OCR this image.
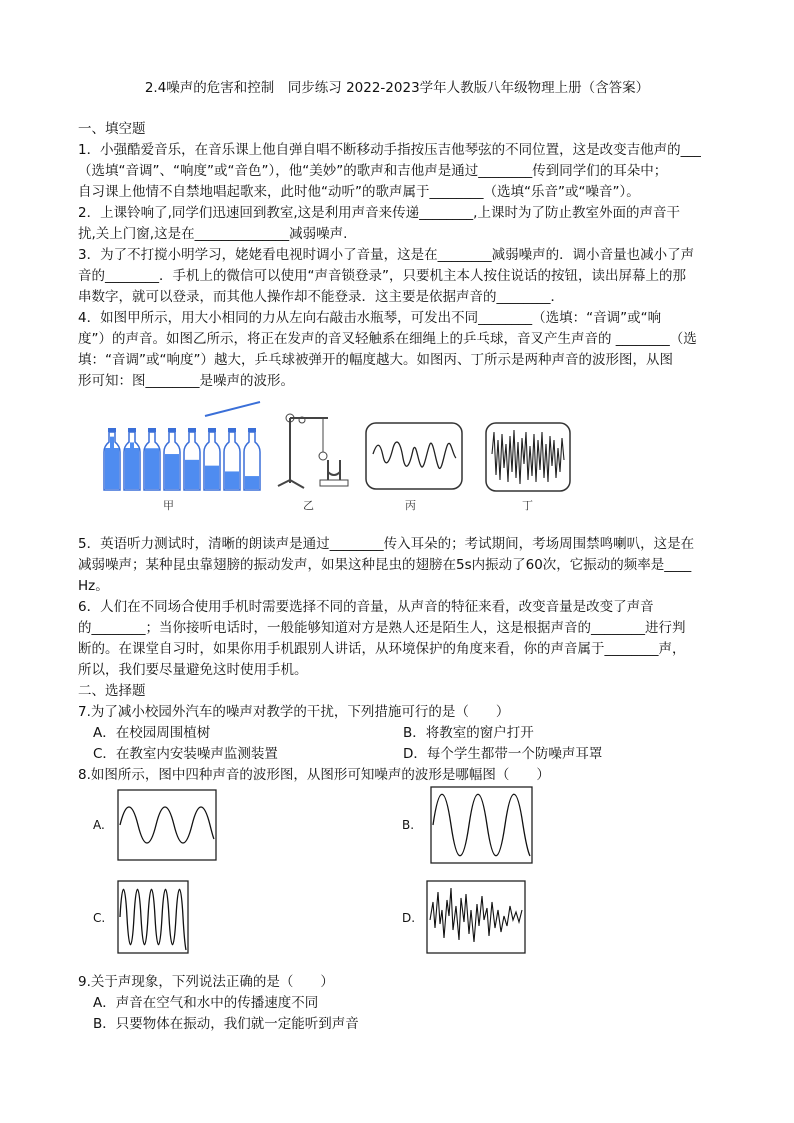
2.4噪声的危害和控制　同步练习 2022-2023学年人教版八年级物理上册（含答案）
一、填空题
1．小强酷爱音乐，在音乐课上他自弹自唱不断移动手指按压吉他琴弦的不同位置，这是改变吉他声的___
（选填“音调”、“响度”或“音色”），他“美妙”的歌声和吉他声是通过________传到同学们的耳朵中；
自习课上他情不自禁地唱起歌来，此时他“动听”的歌声属于________（选填“乐音”或“噪音”）。
2．上课铃响了,同学们迅速回到教室,这是利用声音来传递________,上课时为了防止教室外面的声音干
扰,关上门窗,这是在______________减弱噪声.
3．为了不打搅小明学习，姥姥看电视时调小了音量，这是在________减弱噪声的．调小音量也减小了声
音的________．手机上的微信可以使用“声音锁登录”，只要机主本人按住说话的按钮，读出屏幕上的那
串数字，就可以登录，而其他人操作却不能登录．这主要是依据声音的________．
4．如图甲所示，用大小相同的力从左向右敲击水瓶琴，可发出不同________（选填：“音调”或“响
度”）的声音。如图乙所示，将正在发声的音叉轻触系在细绳上的乒乓球，音叉产生声音的 ________（选
填：“音调”或“响度”）越大，乒乓球被弹开的幅度越大。如图丙、丁所示是两种声音的波形图，从图
形可知：图________是噪声的波形。
甲	乙	丙	丁
5．英语听力测试时，清晰的朗读声是通过________传入耳朵的；考试期间，考场周围禁鸣喇叭，这是在
减弱噪声；某种昆虫靠翅膀的振动发声，如果这种昆虫的翅膀在5s内振动了60次，它振动的频率是____
Hz。
6．人们在不同场合使用手机时需要选择不同的音量，从声音的特征来看，改变音量是改变了声音
的________；当你接听电话时，一般能够知道对方是熟人还是陌生人，这是根据声音的________进行判
断的。在课堂自习时，如果你用手机跟别人讲话，从环境保护的角度来看，你的声音属于________声，
所以，我们要尽量避免这时使用手机。
二、选择题
7.为了减小校园外汽车的噪声对教学的干扰，下列措施可行的是（　　）
A．在校园周围植树	B．将教室的窗户打开
C．在教室内安装噪声监测装置	D．每个学生都带一个防噪声耳罩
8.如图所示，图中四种声音的波形图，从图形可知噪声的波形是哪幅图（　　）
A.	B.
C.	D.
9.关于声现象，下列说法正确的是（　　）
A．声音在空气和水中的传播速度不同
B．只要物体在振动，我们就一定能听到声音
